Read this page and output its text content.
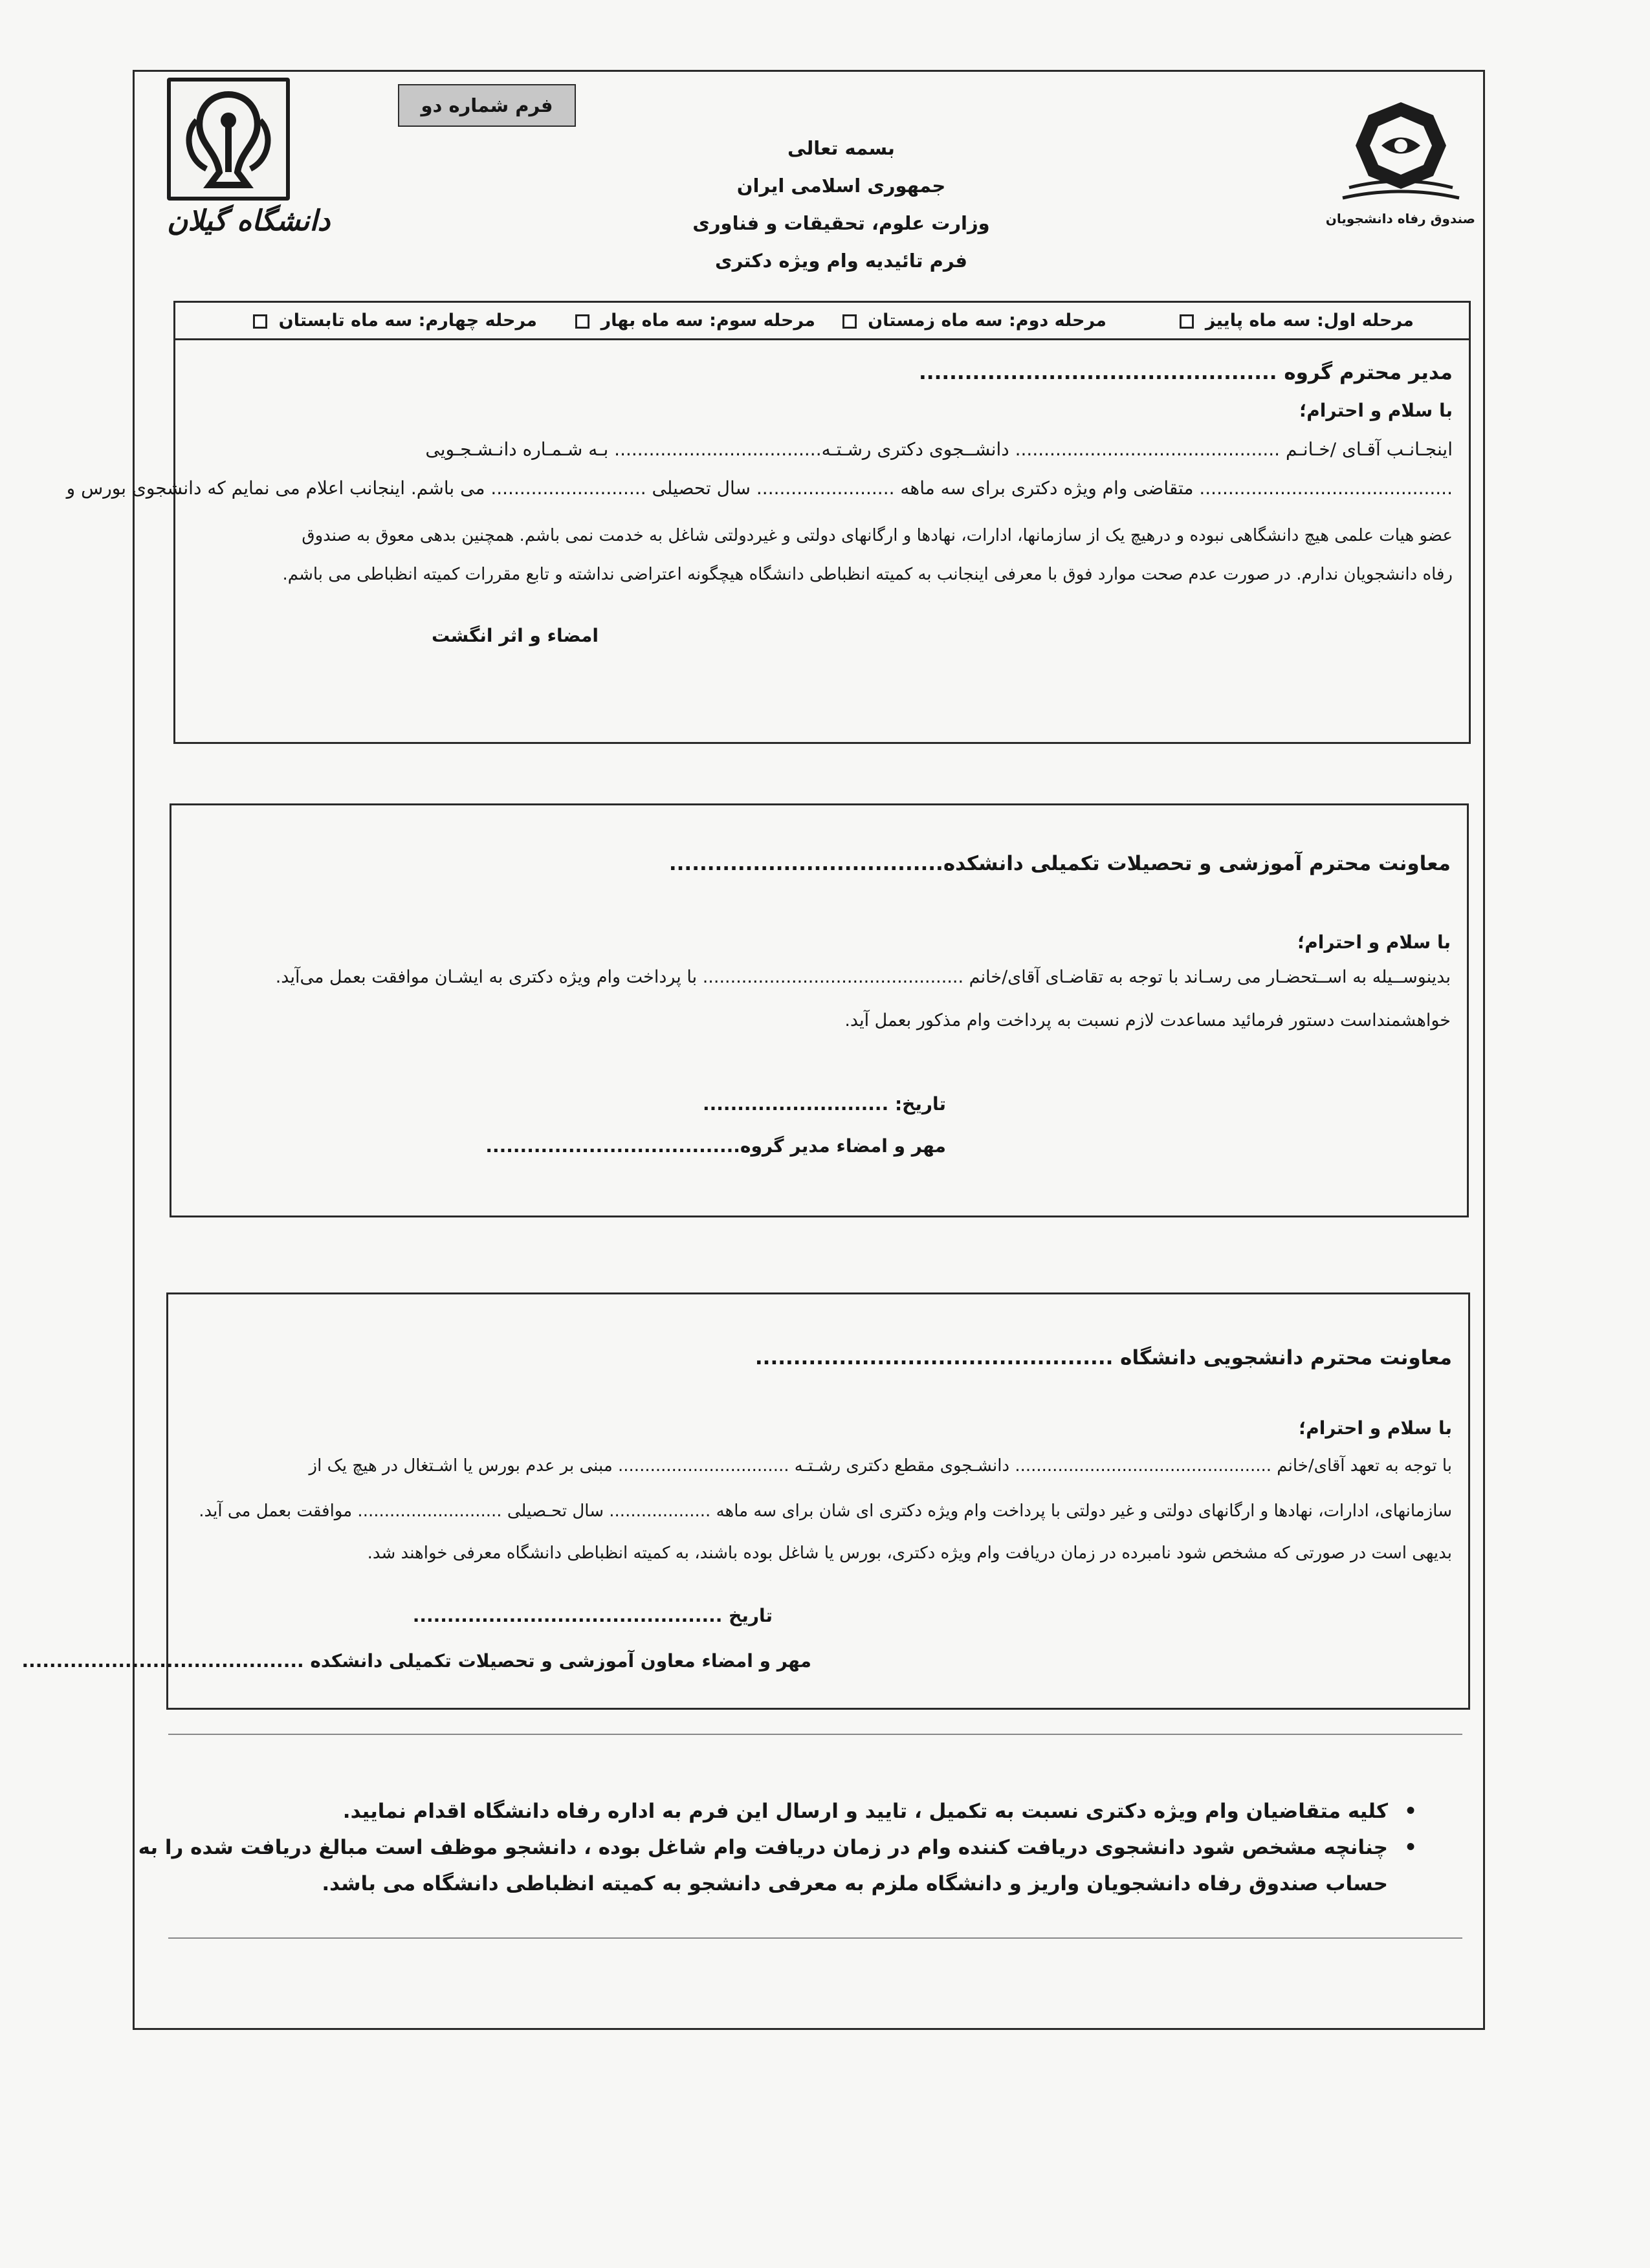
دانشگاه گیلان	صندوق رفاه دانشجویان
فرم شماره دو
بسمه تعالی
جمهوری اسلامی ایران
وزارت علوم، تحقیقات و فناوری
فرم تائیدیه وام ویژه دکتری
مرحله اول: سه ماه پاییز
مرحله دوم: سه ماه زمستان
مرحله سوم: سه ماه بهار
مرحله چهارم: سه ماه تابستان
مدیر محترم گروه ...............................................
با سلام و احترام؛
اینجـانـب آقـای /خـانـم .............................................. دانشــجوی دکتری رشـتـه.................................... بـه شـمـاره دانـشـجـویی
............................................ متقاضی وام ویژه دکتری برای سه ماهه ........................ سال تحصیلی ........................... می باشم. اینجانب اعلام می نمایم که دانشجوی بورس و
عضو هیات علمی هیچ دانشگاهی نبوده و درهیچ یک از سازمانها، ادارات، نهادها و ارگانهای دولتی و غیردولتی شاغل به خدمت نمی باشم. همچنین بدهی معوق به صندوق
رفاه دانشجویان ندارم. در صورت عدم صحت موارد فوق با معرفی اینجانب به کمیته انظباطی دانشگاه هیچگونه اعتراضی نداشته و تابع مقررات کمیته انظباطی می باشم.
امضاء و اثر انگشت
معاونت محترم آموزشی و تحصیلات تکمیلی دانشکده....................................
با سلام و احترام؛
بدینوســیله به اســتحضـار می رسـاند با توجه به تقاضـای آقای/خانم ............................................... با پرداخت وام ویژه دکتری به ایشـان موافقت بعمل می‌آید.
خواهشمنداست دستور فرمائید مساعدت لازم نسبت به پرداخت وام مذکور بعمل آید.
تاریخ: ...........................
مهر و امضاء مدیر گروه.....................................
معاونت محترم دانشجویی دانشگاه ...............................................
با سلام و احترام؛
با توجه به تعهد آقای/خانم ................................................ دانشـجوی مقطع دکتری رشـتـه ................................ مبنی بر عدم بورس یا اشـتغال در هیچ یک از
سازمانهای، ادارات، نهادها و ارگانهای دولتی و غیر دولتی با پرداخت وام ویژه دکتری ای شان برای سه ماهه ................... سال تحـصیلی ........................... موافقت بعمل می آید.
بدیهی است در صورتی که مشخص شود نامبرده در زمان دریافت وام ویژه دکتری، بورس یا شاغل بوده باشند، به کمیته انظباطی دانشگاه معرفی خواهند شد.
تاریخ .............................................
مهر و امضاء معاون آموزشی و تحصیلات تکمیلی دانشکده .........................................
•
کلیه متقاضیان وام ویژه دکتری نسبت به تکمیل ، تایید و ارسال این فرم به اداره رفاه دانشگاه اقدام نمایید.
•
چنانچه مشخص شود دانشجوی دریافت کننده وام در زمان دریافت وام شاغل بوده ، دانشجو موظف است مبالغ دریافت شده را به
حساب صندوق رفاه دانشجویان واریز و دانشگاه ملزم به معرفی دانشجو به کمیته انظباطی دانشگاه می باشد.
